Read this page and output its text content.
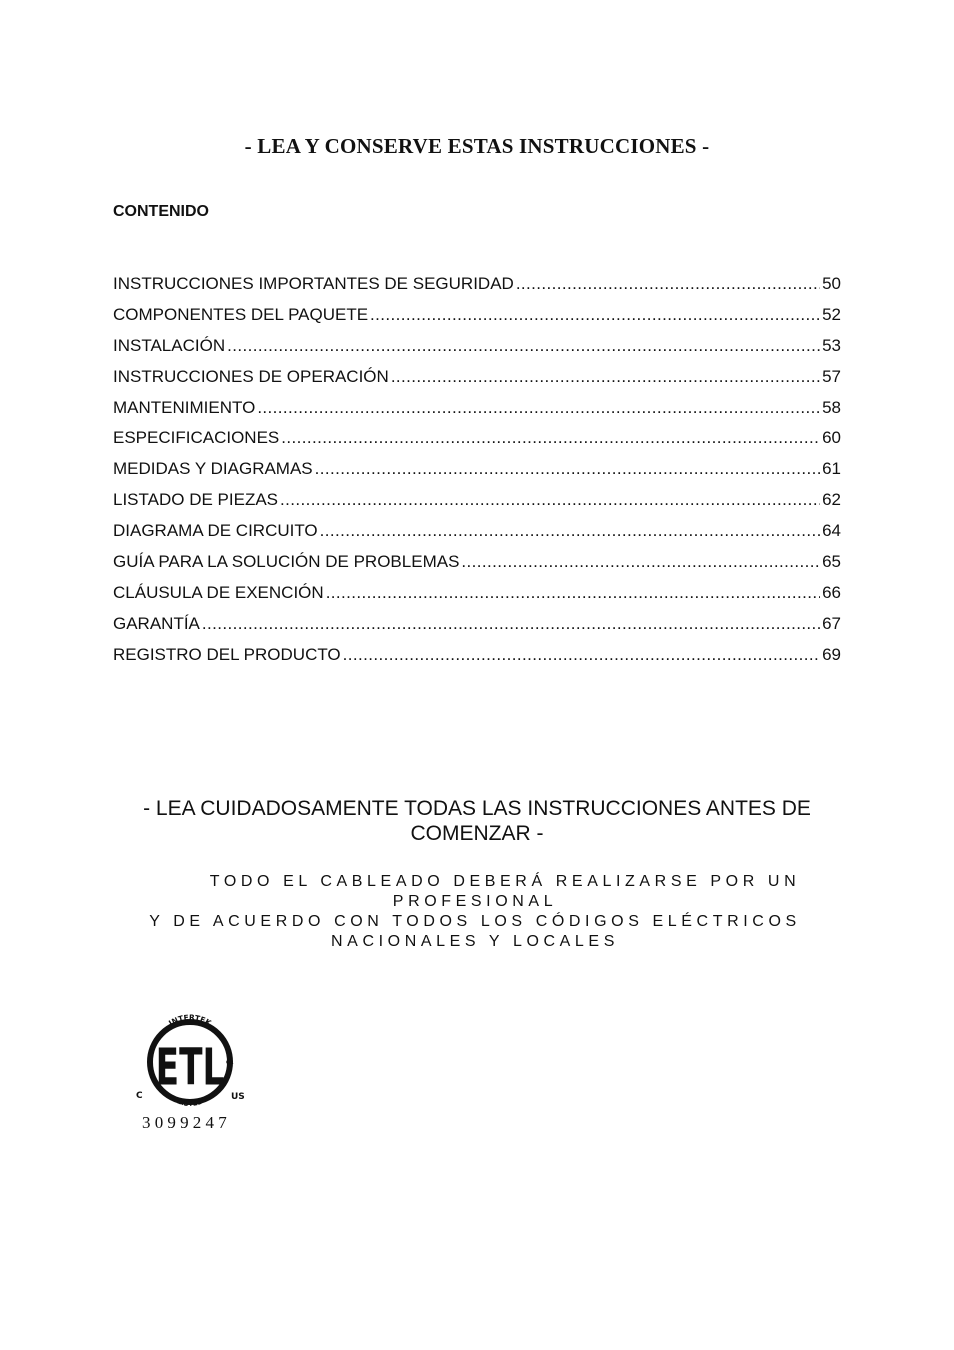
- LEA Y CONSERVE ESTAS INSTRUCCIONES -
CONTENIDO
INSTRUCCIONES IMPORTANTES DE SEGURIDAD .....	50
COMPONENTES DEL PAQUETE .....	52
INSTALACIÓN .....	53
INSTRUCCIONES DE OPERACIÓN .....	57
MANTENIMIENTO .....	58
ESPECIFICACIONES .....	60
MEDIDAS Y DIAGRAMAS .....	61
LISTADO DE PIEZAS .....	62
DIAGRAMA DE CIRCUITO .....	64
GUÍA PARA LA SOLUCIÓN DE PROBLEMAS .....	65
CLÁUSULA DE EXENCIÓN .....	66
GARANTÍA .....	67
REGISTRO DEL PRODUCTO .....	69
- LEA CUIDADOSAMENTE TODAS LAS INSTRUCCIONES ANTES DE COMENZAR -
TODO EL CABLEADO DEBERÁ REALIZARSE POR UN
PROFESIONAL
Y DE ACUERDO CON TODOS LOS CÓDIGOS ELÉCTRICOS
NACIONALES Y LOCALES
INTERTEK
LISTED
ETL CR
C	US
3099247
